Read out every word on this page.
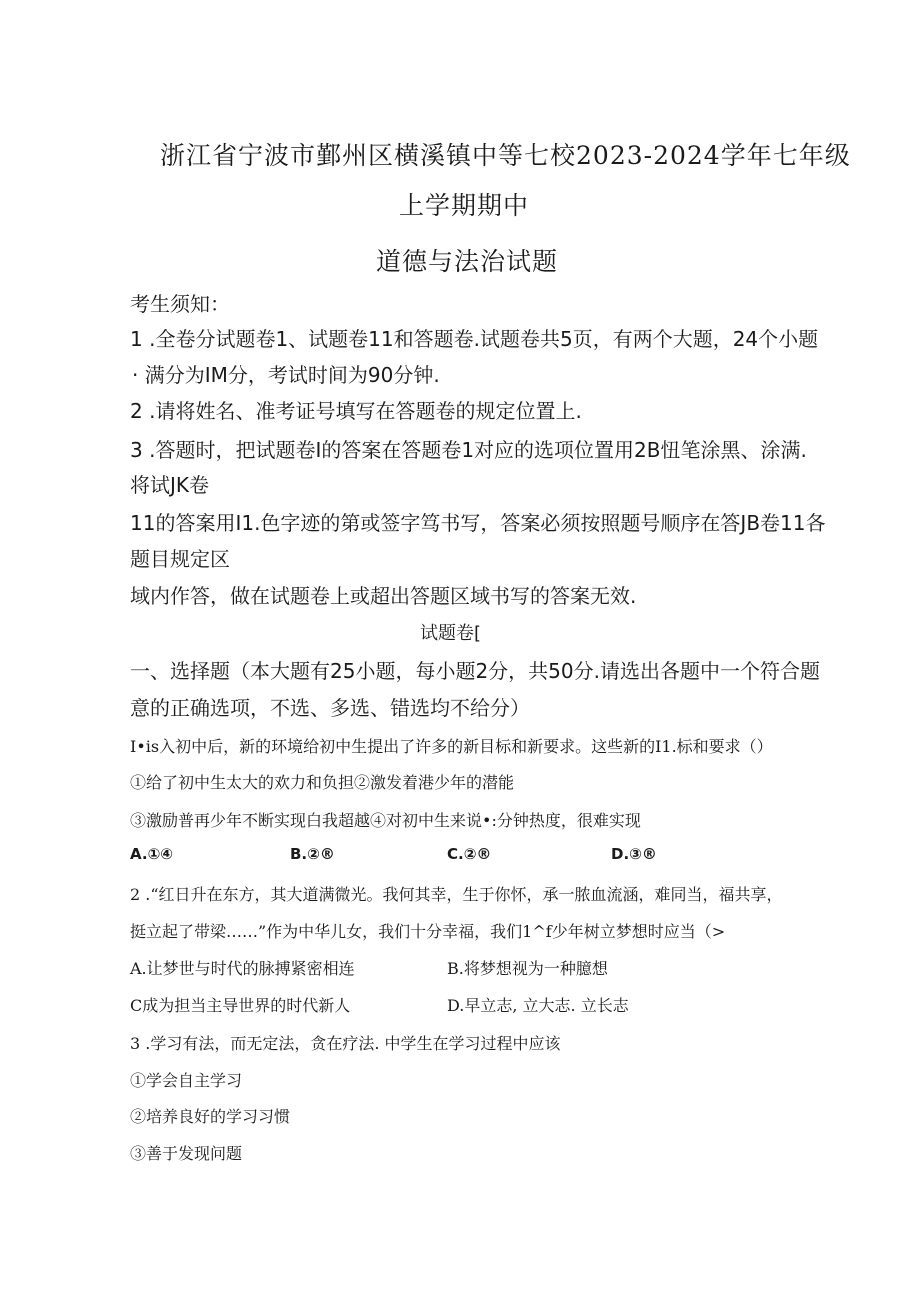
浙江省宁波市鄞州区横溪镇中等七校2023-2024学年七年级
上学期期中
道德与法治试题
考生须知：
1 .全卷分试题卷1、试题卷11和答题卷.试题卷共5页，有两个大题，24个小题
· 满分为IM分，考试时间为90分钟.
2 .请将姓名、准考证号填写在答题卷的规定位置上.
3 .答题时，把试题卷I的答案在答题卷1对应的选项位置用2B忸笔涂黑、涂满.
将试JK卷
11的答案用I1.色字迹的第或签字笃书写，答案必须按照题号顺序在答JB卷11各
题目规定区
域内作答，做在试题卷上或超出答题区域书写的答案无效.
试题卷[
一、选择题（本大题有25小题，每小题2分，共50分.请选出各题中一个符合题
意的正确选项，不选、多选、错选均不给分）
I•is入初中后，新的环境给初中生提出了许多的新目标和新要求。这些新的I1.标和要求（）
①给了初中生太大的欢力和负担②激发着港少年的潜能
③激励普再少年不断实现白我超越④对初中生来说•:分钟热度，很难实现
A.①④	B.②®	C.②®	D.③®
2 .“红日升在东方，其大道满微光。我何其幸，生于你怀，承一脓血流涵，难同当，福共享，
挺立起了带梁……”作为中华儿女，我们十分幸福，我们1^f少年树立梦想时应当（>
A.让梦世与时代的脉搏紧密相连	B.将梦想视为一种臆想
C成为担当主导世界的时代新人	D.早立志, 立大志. 立长志
3 .学习有法，而无定法，贪在疗法. 中学生在学习过程中应该
①学会自主学习
②培养良好的学习习惯
③善于发现问题
